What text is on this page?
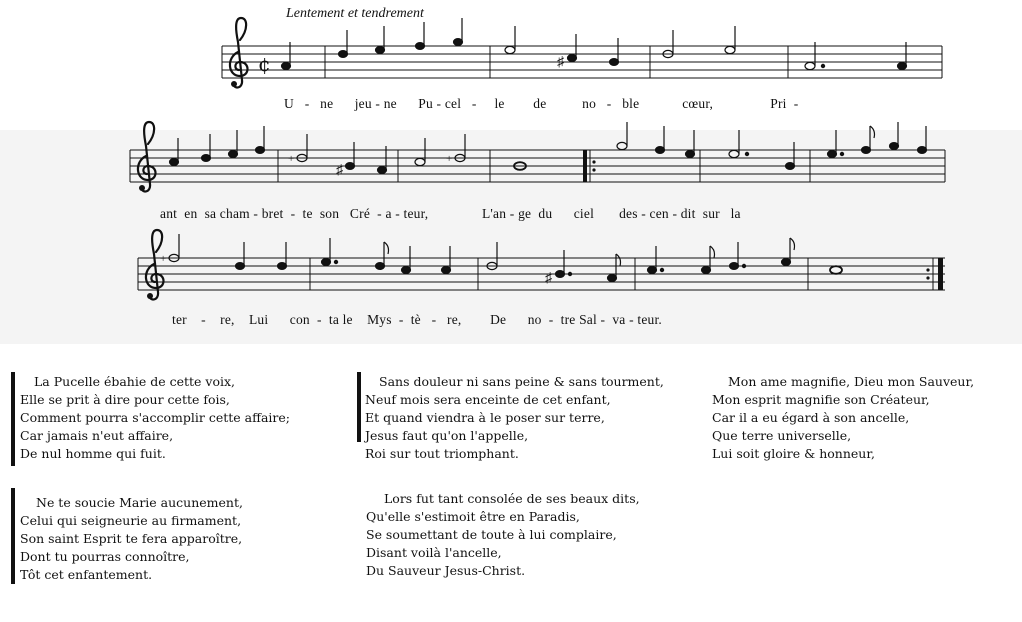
Lentement et tendrement
¢	♯
+
♯
+
+
♯
U - ne jeu - ne Pu - cel - le de	no - ble	cœur,	Pri -
ant en sa cham - bret - te son Cré - a - teur,	L'an - ge du ciel des - cen - dit sur la
ter - re, Lui con - ta le Mys - tè - re, De no - tre Sal - va - teur.
La Pucelle ébahie de cette voix,
Elle se prit à dire pour cette fois,
Comment pourra s'accomplir cette affaire;
Car jamais n'eut affaire,
De nul homme qui fuit.
Sans douleur ni sans peine & sans tourment,
Neuf mois sera enceinte de cet enfant,
Et quand viendra à le poser sur terre,
Jesus faut qu'on l'appelle,
Roi sur tout triomphant.
Mon ame magnifie, Dieu mon Sauveur,
Mon esprit magnifie son Créateur,
Car il a eu égard à son ancelle,
Que terre universelle,
Lui soit gloire & honneur,
Ne te soucie Marie aucunement,
Celui qui seigneurie au firmament,
Son saint Esprit te fera apparoître,
Dont tu pourras connoître,
Tôt cet enfantement.
Lors fut tant consolée de ses beaux dits,
Qu'elle s'estimoit être en Paradis,
Se soumettant de toute à lui complaire,
Disant voilà l'ancelle,
Du Sauveur Jesus-Christ.
